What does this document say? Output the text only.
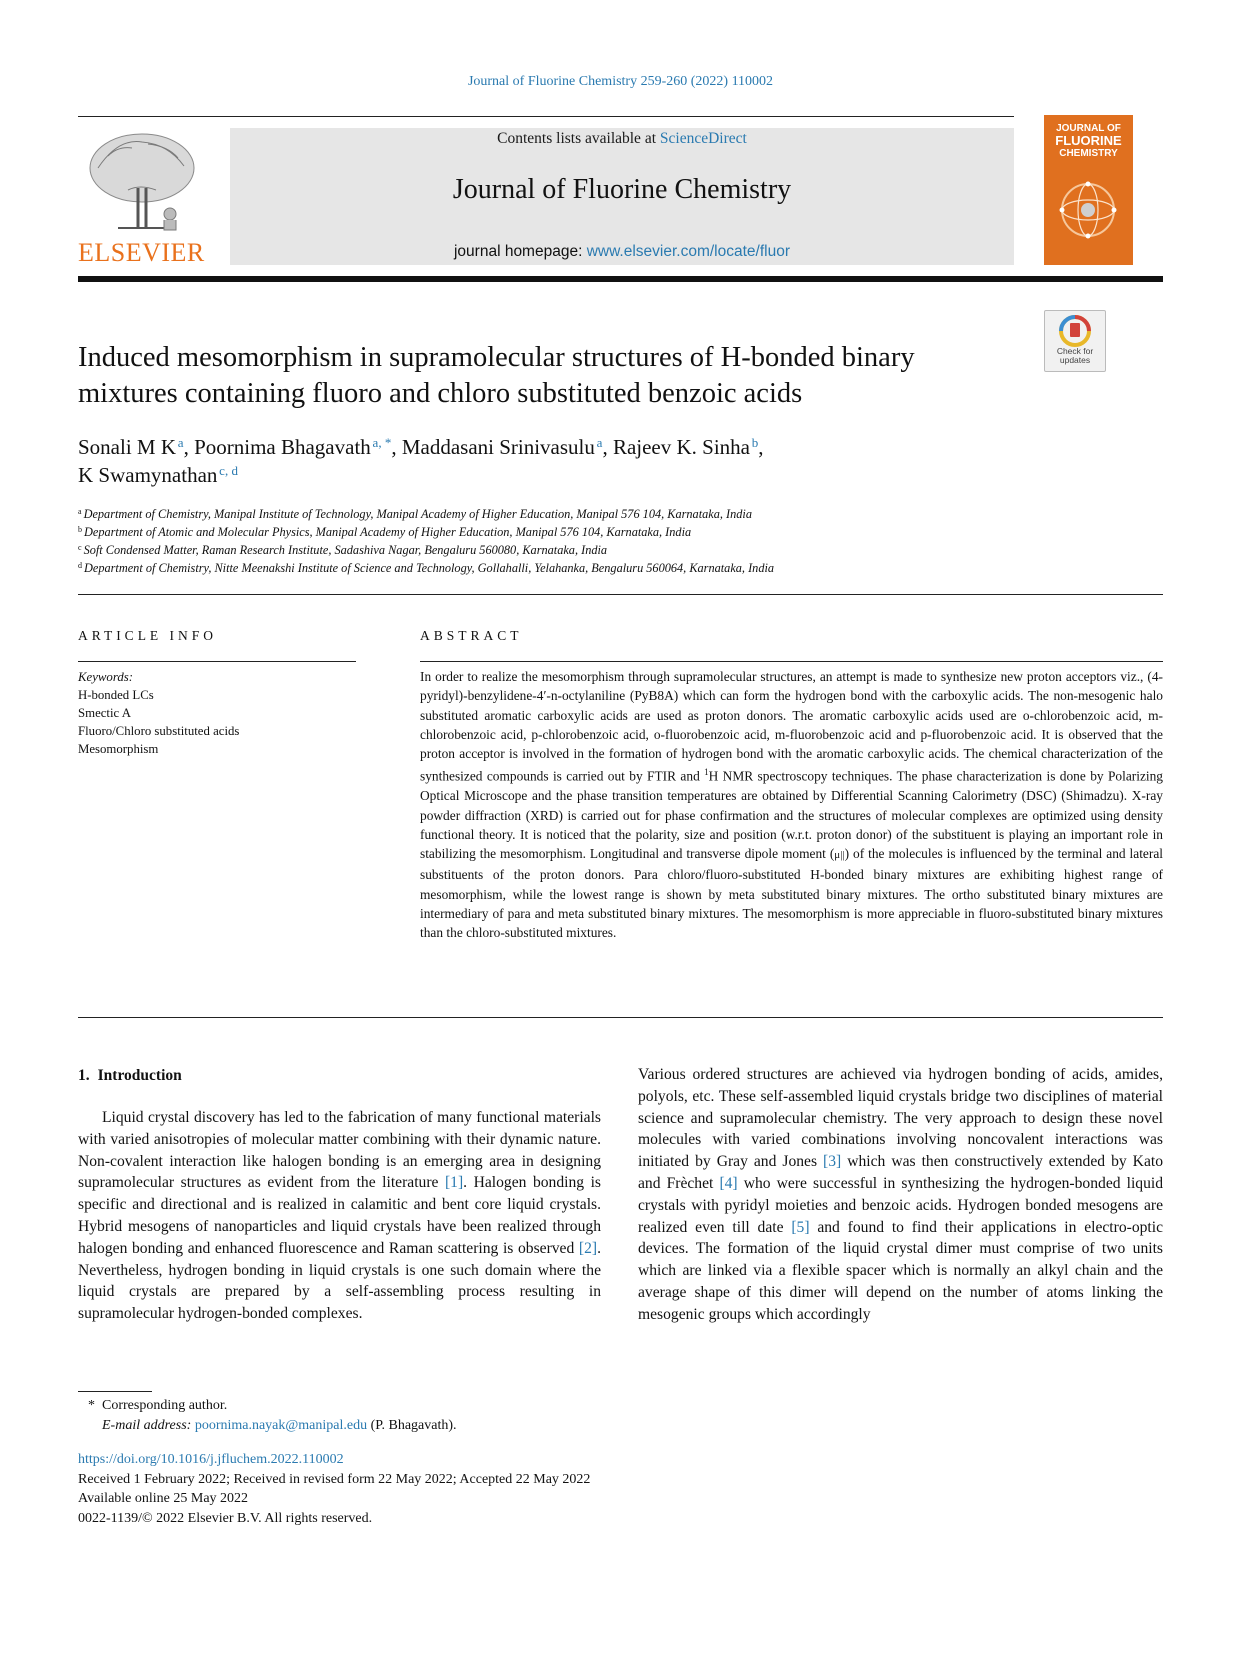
Journal of Fluorine Chemistry 259-260 (2022) 110002
ELSEVIER
Contents lists available at ScienceDirect
Journal of Fluorine Chemistry
journal homepage: www.elsevier.com/locate/fluor
JOURNAL OF
FLUORINE
CHEMISTRY
Check for
updates
Induced mesomorphism in supramolecular structures of H-bonded binary mixtures containing fluoro and chloro substituted benzoic acids
Sonali M K  $^a$, Poornima Bhagavath  $^{a, *}$, Maddasani Srinivasulu  $^a$, Rajeev K. Sinha  $^b$,
K Swamynathan  $^{c, d}$
$^a$ Department of Chemistry, Manipal Institute of Technology, Manipal Academy of Higher Education, Manipal 576 104, Karnataka, India
$^b$ Department of Atomic and Molecular Physics, Manipal Academy of Higher Education, Manipal 576 104, Karnataka, India
$^c$ Soft Condensed Matter, Raman Research Institute, Sadashiva Nagar, Bengaluru 560080, Karnataka, India
$^d$ Department of Chemistry, Nitte Meenakshi Institute of Science and Technology, Gollahalli, Yelahanka, Bengaluru 560064, Karnataka, India
ARTICLE INFO
Keywords:
H-bonded LCs
Smectic A
Fluoro/Chloro substituted acids
Mesomorphism
ABSTRACT
In order to realize the mesomorphism through supramolecular structures, an attempt is made to synthesize new proton acceptors viz., (4-pyridyl)-benzylidene-4′-n-octylaniline (PyB8A) which can form the hydrogen bond with the carboxylic acids. The non-mesogenic halo substituted aromatic carboxylic acids are used as proton donors. The aromatic carboxylic acids used are o-chlorobenzoic acid, m-chlorobenzoic acid, p-chlorobenzoic acid, o-fluorobenzoic acid, m-fluorobenzoic acid and p-fluorobenzoic acid. It is observed that the proton acceptor is involved in the formation of hydrogen bond with the aromatic carboxylic acids. The chemical characterization of the synthesized compounds is carried out by FTIR and $^1$H NMR spectroscopy techniques. The phase characterization is done by Polarizing Optical Microscope and the phase transition temperatures are obtained by Differential Scanning Calorimetry (DSC) (Shimadzu). X-ray powder diffraction (XRD) is carried out for phase confirmation and the structures of molecular complexes are optimized using density functional theory. It is noticed that the polarity, size and position (w.r.t. proton donor) of the substituent is playing an important role in stabilizing the mesomorphism. Longitudinal and transverse dipole moment (μ||) of the molecules is influenced by the terminal and lateral substituents of the proton donors. Para chloro/fluoro-substituted H-bonded binary mixtures are exhibiting highest range of mesomorphism, while the lowest range is shown by meta substituted binary mixtures. The ortho substituted binary mixtures are intermediary of para and meta substituted binary mixtures. The mesomorphism is more appreciable in fluoro-substituted binary mixtures than the chloro-substituted mixtures.
1. Introduction
Liquid crystal discovery has led to the fabrication of many functional materials with varied anisotropies of molecular matter combining with their dynamic nature. Non-covalent interaction like halogen bonding is an emerging area in designing supramolecular structures as evident from the literature [1]. Halogen bonding is specific and directional and is realized in calamitic and bent core liquid crystals. Hybrid mesogens of nanoparticles and liquid crystals have been realized through halogen bonding and enhanced fluorescence and Raman scattering is observed [2]. Nevertheless, hydrogen bonding in liquid crystals is one such domain where the liquid crystals are prepared by a self-assembling process resulting in supramolecular hydrogen-bonded complexes.
Various ordered structures are achieved via hydrogen bonding of acids, amides, polyols, etc. These self-assembled liquid crystals bridge two disciplines of material science and supramolecular chemistry. The very approach to design these novel molecules with varied combinations involving noncovalent interactions was initiated by Gray and Jones [3] which was then constructively extended by Kato and Frèchet [4] who were successful in synthesizing the hydrogen-bonded liquid crystals with pyridyl moieties and benzoic acids. Hydrogen bonded mesogens are realized even till date [5] and found to find their applications in electro-optic devices. The formation of the liquid crystal dimer must comprise of two units which are linked via a flexible spacer which is normally an alkyl chain and the average shape of this dimer will depend on the number of atoms linking the mesogenic groups which accordingly
* Corresponding author.
E-mail address: poornima.nayak@manipal.edu (P. Bhagavath).
https://doi.org/10.1016/j.jfluchem.2022.110002
Received 1 February 2022; Received in revised form 22 May 2022; Accepted 22 May 2022
Available online 25 May 2022
0022-1139/© 2022 Elsevier B.V. All rights reserved.
